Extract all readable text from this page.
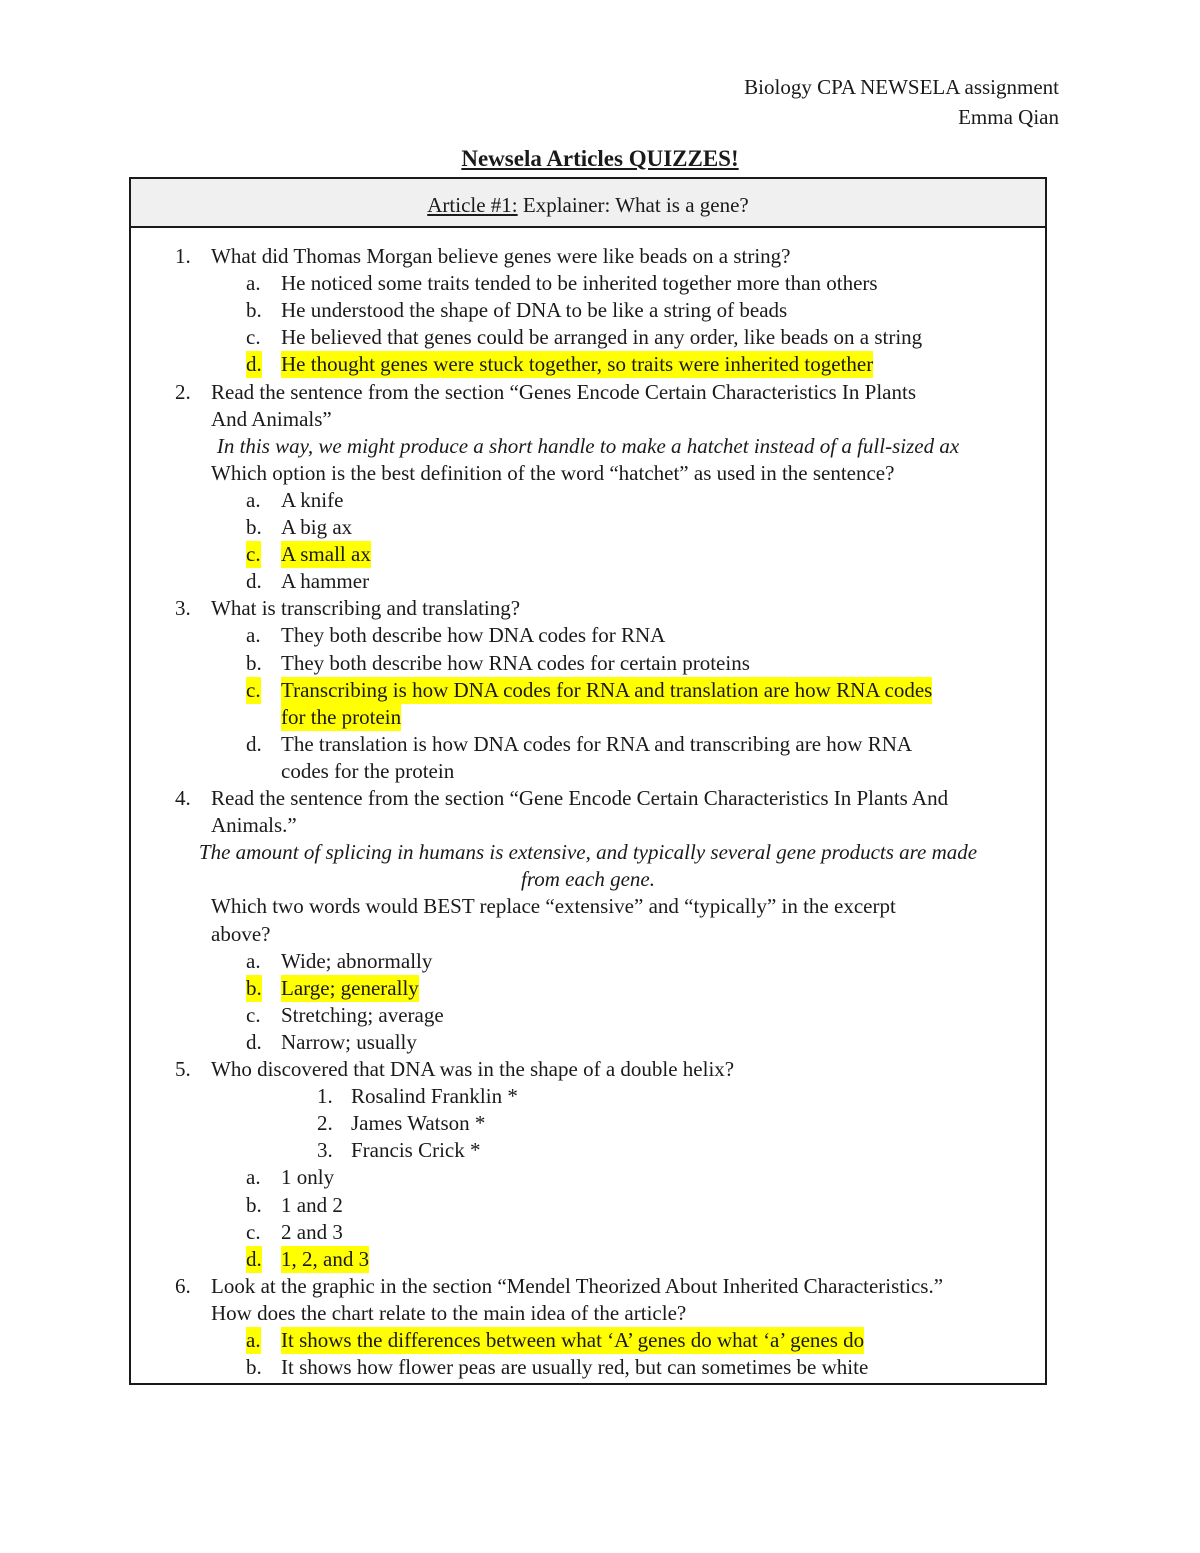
Biology CPA NEWSELA assignment
Emma Qian
Newsela Articles QUIZZES!
Article #1: Explainer: What is a gene?
1. What did Thomas Morgan believe genes were like beads on a string?
a. He noticed some traits tended to be inherited together more than others
b. He understood the shape of DNA to be like a string of beads
c. He believed that genes could be arranged in any order, like beads on a string
d. He thought genes were stuck together, so traits were inherited together
2. Read the sentence from the section “Genes Encode Certain Characteristics In Plants
And Animals”
In this way, we might produce a short handle to make a hatchet instead of a full-sized ax
Which option is the best definition of the word “hatchet” as used in the sentence?
a. A knife
b. A big ax
c. A small ax
d. A hammer
3. What is transcribing and translating?
a. They both describe how DNA codes for RNA
b. They both describe how RNA codes for certain proteins
c. Transcribing is how DNA codes for RNA and translation are how RNA codes
for the protein
d. The translation is how DNA codes for RNA and transcribing are how RNA
codes for the protein
4. Read the sentence from the section “Gene Encode Certain Characteristics In Plants And
Animals.”
The amount of splicing in humans is extensive, and typically several gene products are made
from each gene.
Which two words would BEST replace “extensive” and “typically” in the excerpt
above?
a. Wide; abnormally
b. Large; generally
c. Stretching; average
d. Narrow; usually
5. Who discovered that DNA was in the shape of a double helix?
1. Rosalind Franklin *
2. James Watson *
3. Francis Crick *
a. 1 only
b. 1 and 2
c. 2 and 3
d. 1, 2, and 3
6. Look at the graphic in the section “Mendel Theorized About Inherited Characteristics.”
How does the chart relate to the main idea of the article?
a. It shows the differences between what ‘A’ genes do what ‘a’ genes do
b. It shows how flower peas are usually red, but can sometimes be white
